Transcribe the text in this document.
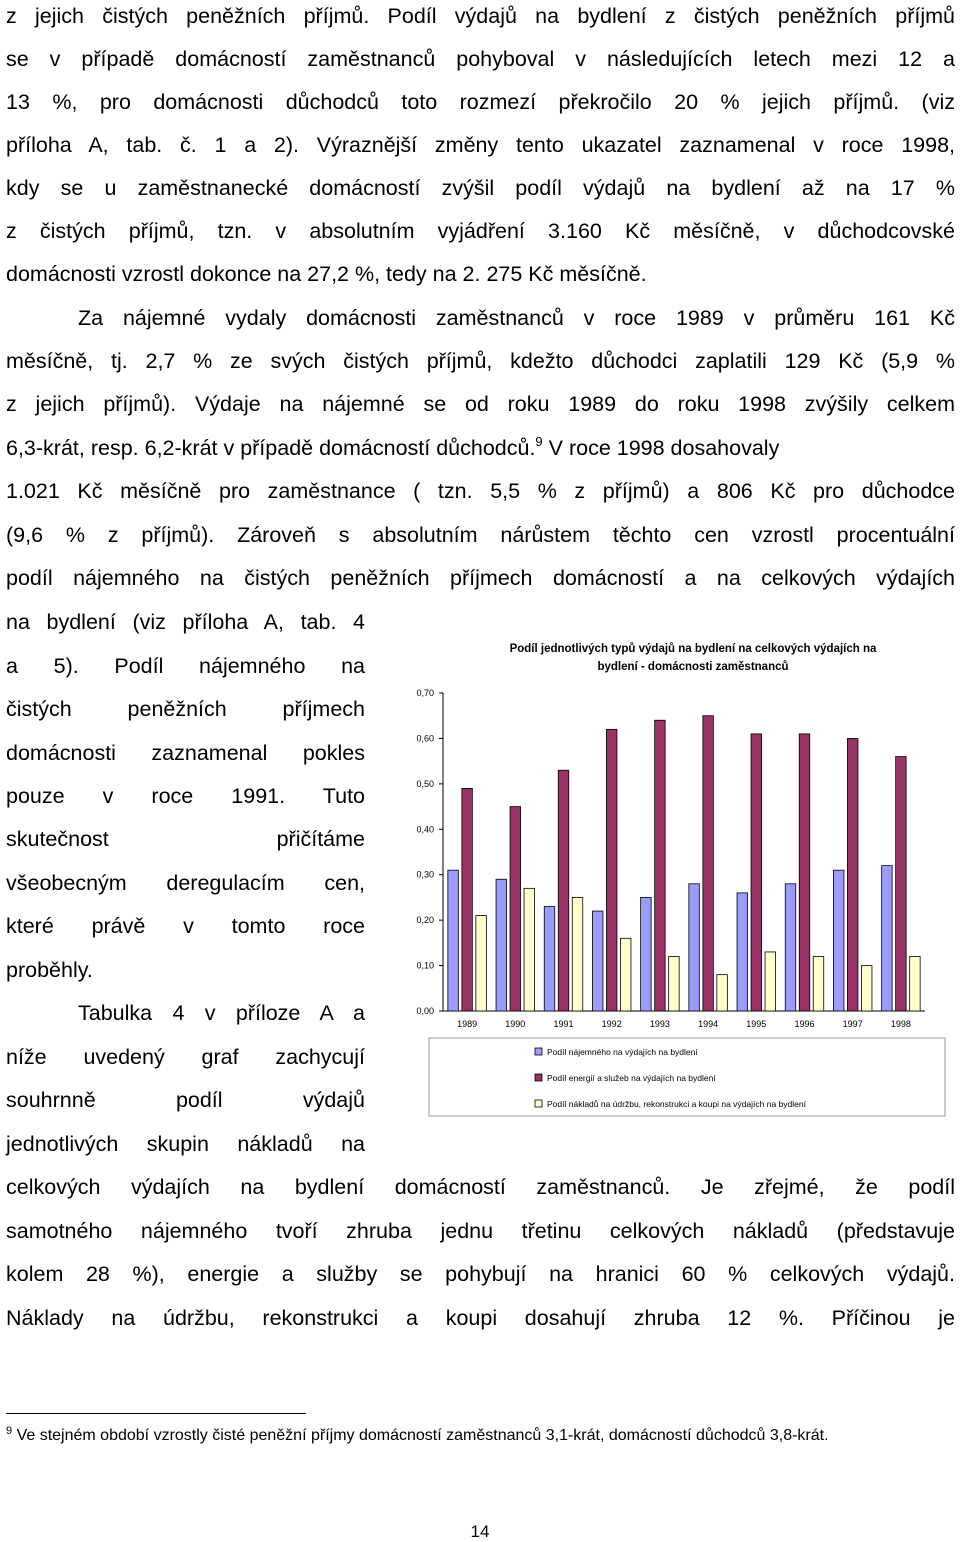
z jejich čistých peněžních příjmů. Podíl výdajů na bydlení z čistých peněžních příjmů
se v případě domácností zaměstnanců pohyboval v následujících letech mezi 12 a
13 %, pro domácnosti důchodců toto rozmezí překročilo 20 % jejich příjmů. (viz
příloha A, tab. č. 1 a 2). Výraznější změny tento ukazatel zaznamenal v roce 1998,
kdy se u zaměstnanecké domácností zvýšil podíl výdajů na bydlení až na 17 %
z čistých příjmů, tzn. v absolutním vyjádření 3.160 Kč měsíčně, v důchodcovské
domácnosti vzrostl dokonce na 27,2 %, tedy na 2. 275 Kč měsíčně.
Za nájemné vydaly domácnosti zaměstnanců v roce 1989 v průměru 161 Kč
měsíčně, tj. 2,7 % ze svých čistých příjmů, kdežto důchodci zaplatili 129 Kč (5,9 %
z jejich příjmů). Výdaje na nájemné se od roku 1989 do roku 1998 zvýšily celkem
6,3-krát, resp. 6,2-krát v případě domácností důchodců.$^9$ V roce 1998 dosahovaly
1.021 Kč měsíčně pro zaměstnance ( tzn. 5,5 % z příjmů) a 806 Kč pro důchodce
(9,6 % z příjmů). Zároveň s absolutním nárůstem těchto cen vzrostl procentuální
podíl nájemného na čistých peněžních příjmech domácností a na celkových výdajích
na bydlení (viz příloha A, tab. 4
a 5). Podíl nájemného na
čistých peněžních příjmech
domácnosti zaznamenal pokles
pouze v roce 1991. Tuto
skutečnost přičítáme
všeobecným deregulacím cen,
které právě v tomto roce
proběhly.
Tabulka 4 v příloze A a
níže uvedený graf zachycují
souhrnně podíl výdajů
jednotlivých skupin nákladů na
celkových výdajích na bydlení domácností zaměstnanců. Je zřejmé, že podíl
samotného nájemného tvoří zhruba jednu třetinu celkových nákladů (představuje
kolem 28 %), energie a služby se pohybují na hranici 60 % celkových výdajů.
Náklady na údržbu, rekonstrukci a koupi dosahují zhruba 12 %. Příčinou je
Podíl jednotlivých typů výdajů na bydlení na celkových výdajích na
bydlení - domácnosti zaměstnanců
0,00
0,10
0,20
0,30
0,40
0,50
0,60
0,70
1989	1990	1991	1992	1993	1994	1995	1996	1997	1998
Podíl nájemného na výdajích na bydlení
Podíl energií a služeb na výdajích na bydlení
Podíl nákladů na údržbu, rekonstrukci a koupi na výdajích na bydlení
$^9$ Ve stejném období vzrostly čisté peněžní příjmy domácností zaměstnanců 3,1-krát, domácností důchodců 3,8-krát.
14
